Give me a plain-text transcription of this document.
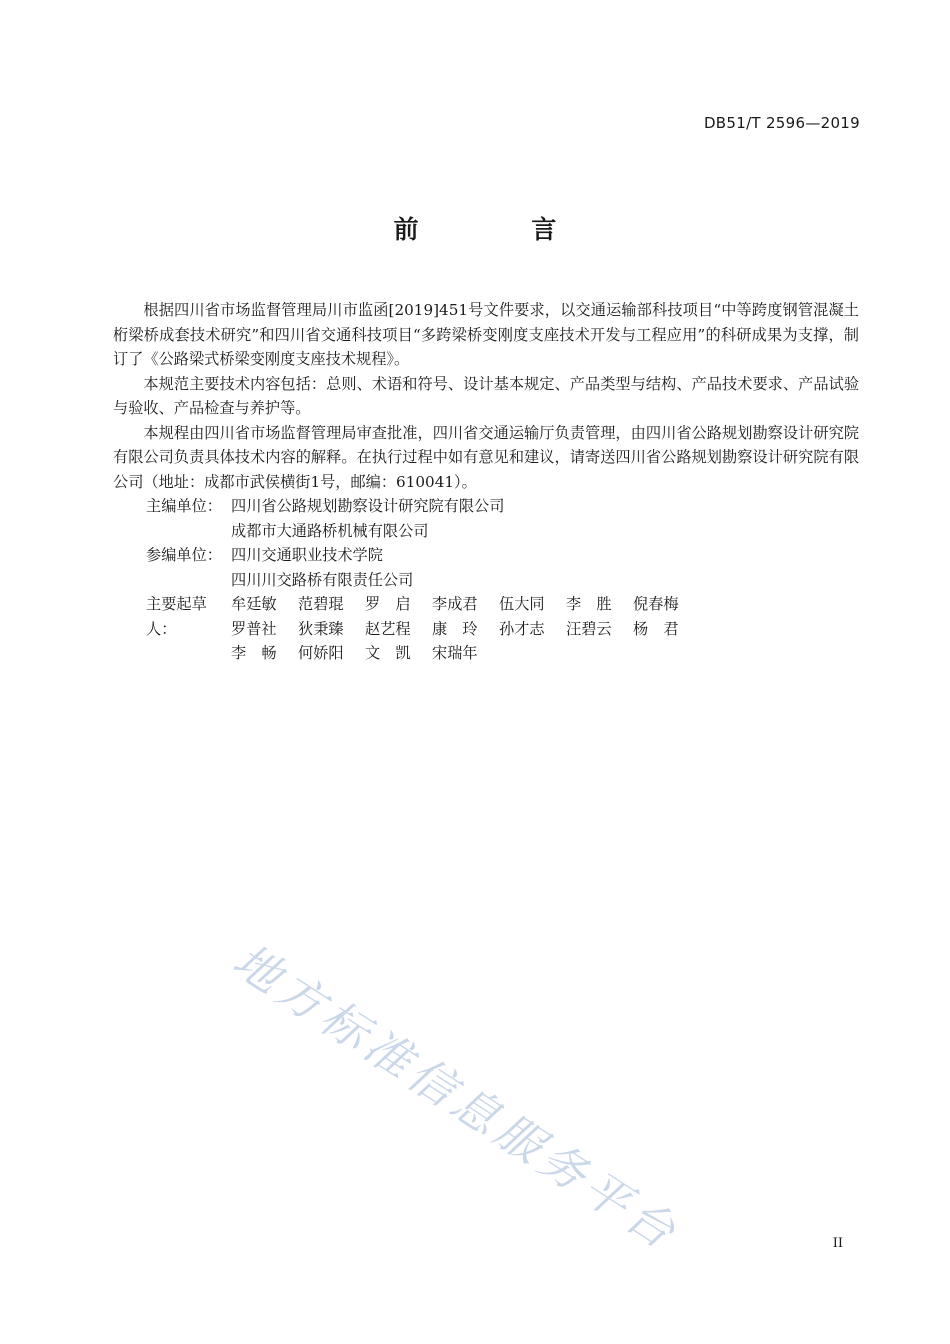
DB51/T 2596—2019
前 言

根据四川省市场监督管理局川市监函[2019]451号文件要求，以交通运输部科技项目“中等跨度钢管混凝土桁梁桥成套技术研究”和四川省交通科技项目“多跨梁桥变刚度支座技术开发与工程应用”的科研成果为支撑，制订了《公路梁式桥梁变刚度支座技术规程》。

本规范主要技术内容包括：总则、术语和符号、设计基本规定、产品类型与结构、产品技术要求、产品试验与验收、产品检查与养护等。

本规程由四川省市场监督管理局审查批准，四川省交通运输厅负责管理，由四川省公路规划勘察设计研究院有限公司负责具体技术内容的解释。在执行过程中如有意见和建议，请寄送四川省公路规划勘察设计研究院有限公司（地址：成都市武侯横街1号，邮编：610041）。

主编单位： 四川省公路规划勘察设计研究院有限公司
成都市大通路桥机械有限公司
参编单位： 四川交通职业技术学院
四川川交路桥有限责任公司
主要起草人：
牟廷敏	范碧琨	罗　启	李成君	伍大同	李　胜	倪春梅
罗普社	狄秉臻	赵艺程	康　玲	孙才志	汪碧云	杨　君
李　畅	何娇阳	文　凯	宋瑞年
地方标准信息服务平台	II
